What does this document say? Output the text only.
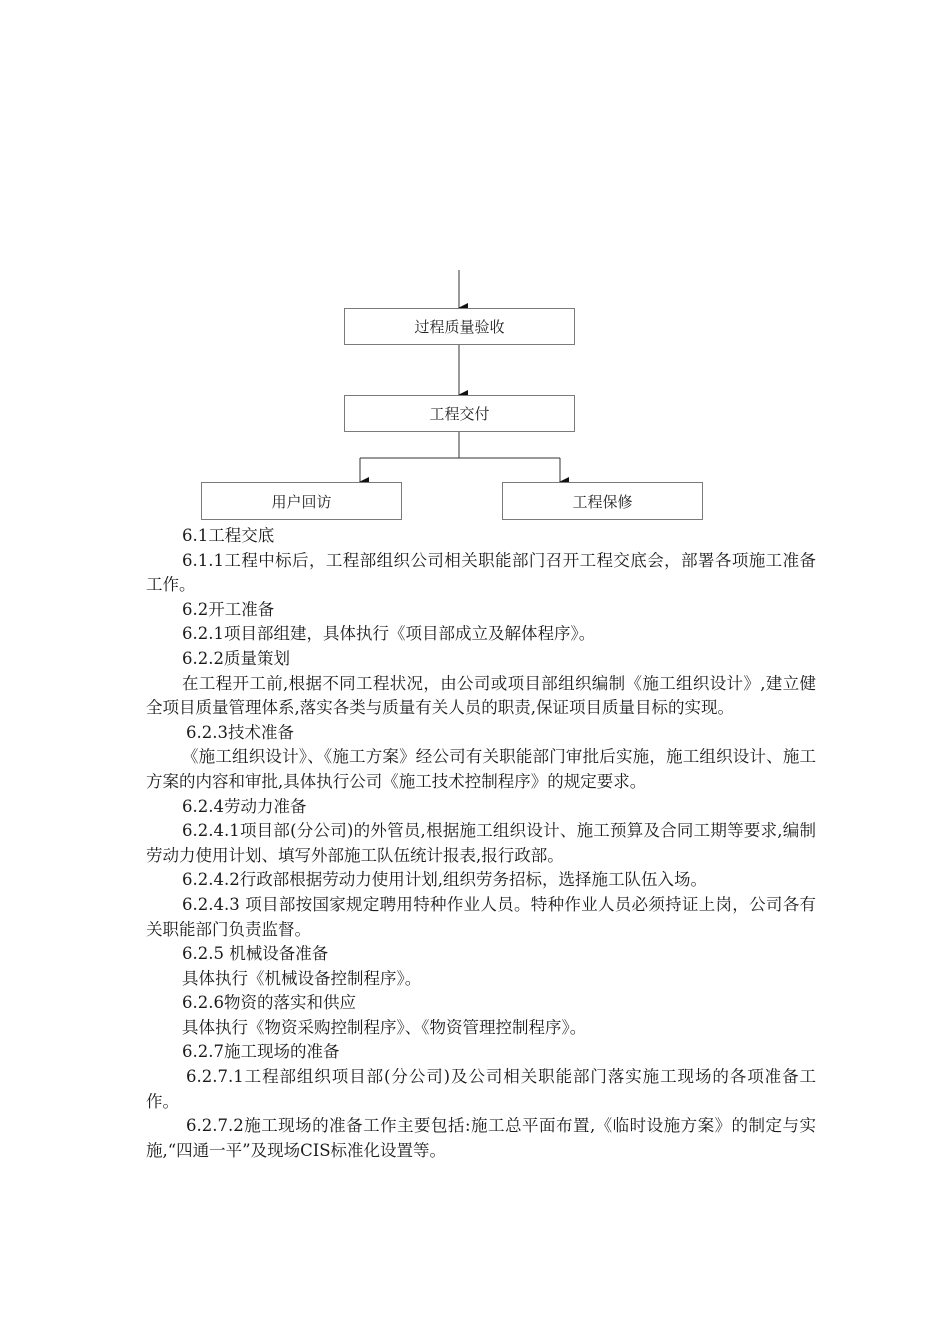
过程质量验收
工程交付
用户回访	工程保修

6.1工程交底

6.1.1工程中标后，工程部组织公司相关职能部门召开工程交底会，部署各项施工准备工作。

6.2开工准备

6.2.1项目部组建，具体执行《项目部成立及解体程序》。

6.2.2质量策划

在工程开工前,根据不同工程状况，由公司或项目部组织编制《施工组织设计》,建立健全项目质量管理体系,落实各类与质量有关人员的职责,保证项目质量目标的实现。

6.2.3技术准备

《施工组织设计》、《施工方案》经公司有关职能部门审批后实施，施工组织设计、施工方案的内容和审批,具体执行公司《施工技术控制程序》的规定要求。

6.2.4劳动力准备

6.2.4.1项目部(分公司)的外管员,根据施工组织设计、施工预算及合同工期等要求,编制劳动力使用计划、填写外部施工队伍统计报表,报行政部。

6.2.4.2行政部根据劳动力使用计划,组织劳务招标，选择施工队伍入场。

6.2.4.3 项目部按国家规定聘用特种作业人员。特种作业人员必须持证上岗，公司各有关职能部门负责监督。

6.2.5 机械设备准备

具体执行《机械设备控制程序》。

6.2.6物资的落实和供应

具体执行《物资采购控制程序》、《物资管理控制程序》。

6.2.7施工现场的准备

6.2.7.1工程部组织项目部(分公司)及公司相关职能部门落实施工现场的各项准备工作。

6.2.7.2施工现场的准备工作主要包括:施工总平面布置,《临时设施方案》的制定与实施,“四通一平”及现场CIS标准化设置等。
